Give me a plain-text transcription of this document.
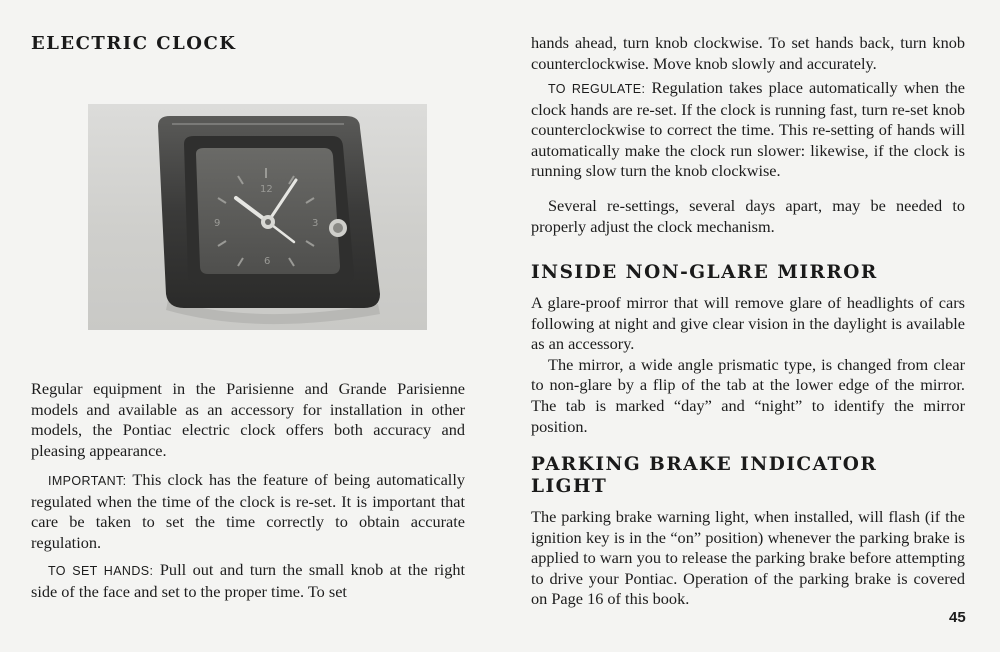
ELECTRIC CLOCK
12
3
6
9

Regular equipment in the Parisienne and Grande Parisienne models and available as an accessory for installation in other models, the Pontiac electric clock offers both accuracy and pleasing appearance.

IMPORTANT: This clock has the feature of being automatically regulated when the time of the clock is re-set. It is important that care be taken to set the time correctly to obtain accurate regulation.

TO SET HANDS: Pull out and turn the small knob at the right side of the face and set to the proper time. To set

hands ahead, turn knob clockwise. To set hands back, turn knob counterclockwise. Move knob slowly and accurately.

TO REGULATE: Regulation takes place automatically when the clock hands are re-set. If the clock is running fast, turn re-set knob counterclockwise to correct the time. This re-setting of hands will automatically make the clock run slower: likewise, if the clock is running slow turn the knob clockwise.

Several re-settings, several days apart, may be needed to properly adjust the clock mechanism.

INSIDE NON-GLARE MIRROR

A glare-proof mirror that will remove glare of headlights of cars following at night and give clear vision in the daylight is available as an accessory.

The mirror, a wide angle prismatic type, is changed from clear to non-glare by a flip of the tab at the lower edge of the mirror. The tab is marked “day” and “night” to identify the mirror position.

PARKING BRAKE INDICATOR LIGHT

The parking brake warning light, when installed, will flash (if the ignition key is in the “on” position) whenever the parking brake is applied to warn you to release the parking brake before attempting to drive your Pontiac. Operation of the parking brake is covered on Page 16 of this book.

45
